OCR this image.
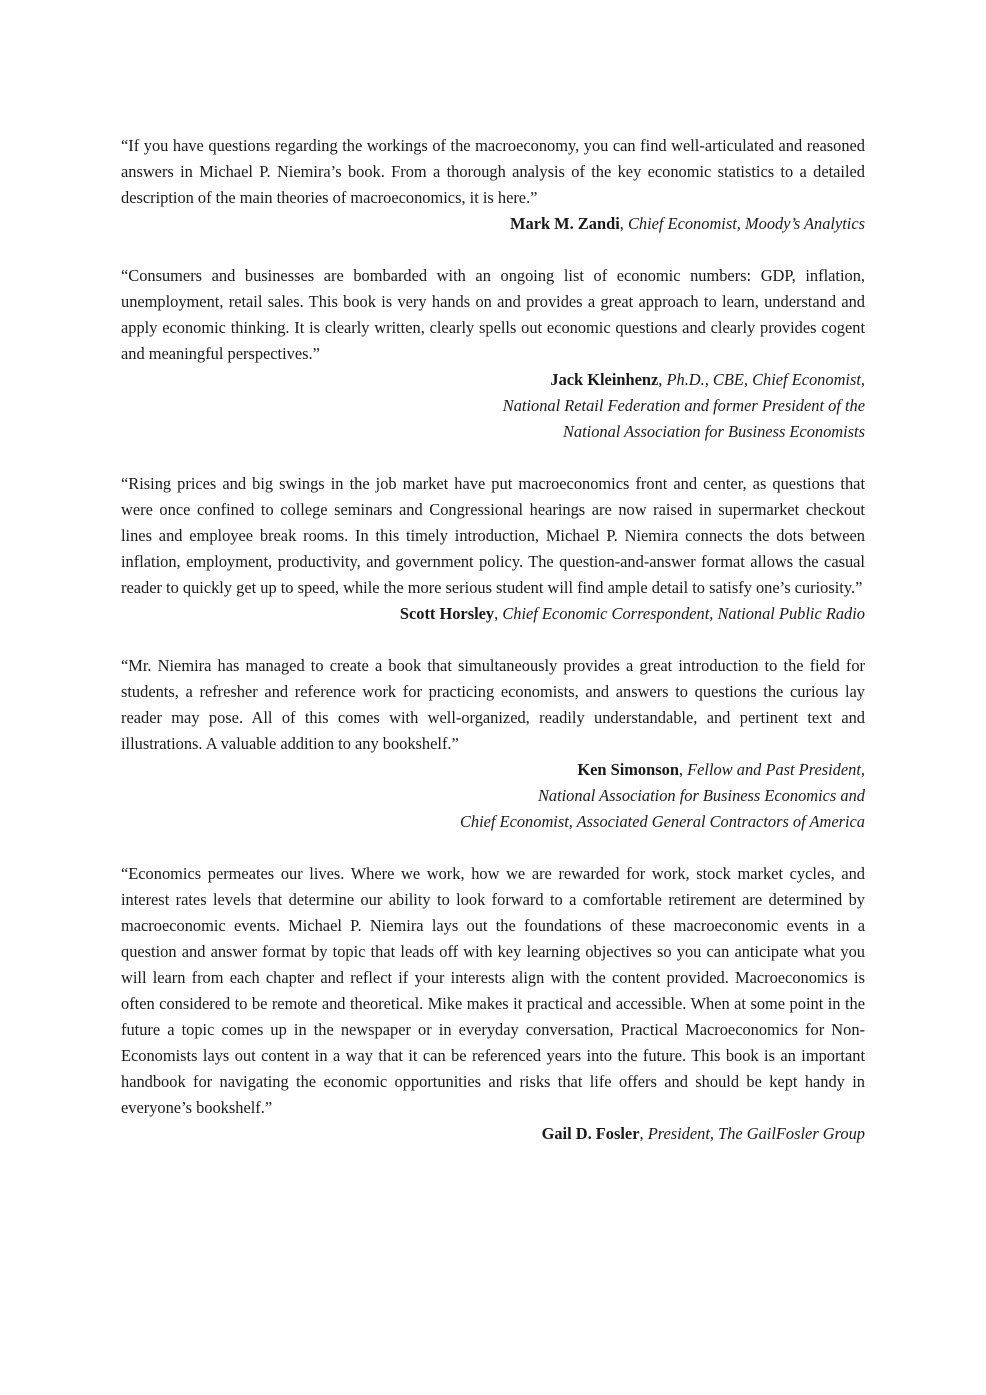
“If you have questions regarding the workings of the macroeconomy, you can find well-articulated and reasoned answers in Michael P. Niemira’s book. From a thorough analysis of the key economic statistics to a detailed description of the main theories of macroeconomics, it is here.”

Mark M. Zandi, Chief Economist, Moody’s Analytics

“Consumers and businesses are bombarded with an ongoing list of economic numbers: GDP, inflation, unemployment, retail sales. This book is very hands on and provides a great approach to learn, understand and apply economic thinking. It is clearly written, clearly spells out economic questions and clearly provides cogent and meaningful perspectives.”

Jack Kleinhenz, Ph.D., CBE, Chief Economist,
National Retail Federation and former President of the
National Association for Business Economists

“Rising prices and big swings in the job market have put macroeconomics front and center, as questions that were once confined to college seminars and Congressional hearings are now raised in supermarket checkout lines and employee break rooms. In this timely introduction, Michael P. Niemira connects the dots between inflation, employment, productivity, and government policy. The question-and-answer format allows the casual reader to quickly get up to speed, while the more serious student will find ample detail to satisfy one’s curiosity.”

Scott Horsley, Chief Economic Correspondent, National Public Radio

“Mr. Niemira has managed to create a book that simultaneously provides a great introduction to the field for students, a refresher and reference work for practicing economists, and answers to questions the curious lay reader may pose. All of this comes with well-organized, readily understandable, and pertinent text and illustrations. A valuable addition to any bookshelf.”

Ken Simonson, Fellow and Past President,
National Association for Business Economics and
Chief Economist, Associated General Contractors of America

“Economics permeates our lives. Where we work, how we are rewarded for work, stock market cycles, and interest rates levels that determine our ability to look forward to a comfortable retirement are determined by macroeconomic events. Michael P. Niemira lays out the foundations of these macroeconomic events in a question and answer format by topic that leads off with key learning objectives so you can anticipate what you will learn from each chapter and reflect if your interests align with the content provided. Macroeconomics is often considered to be remote and theoretical. Mike makes it practical and accessible. When at some point in the future a topic comes up in the newspaper or in everyday conversation, Practical Macroeconomics for Non-Economists lays out content in a way that it can be referenced years into the future. This book is an important handbook for navigating the economic opportunities and risks that life offers and should be kept handy in everyone’s bookshelf.”

Gail D. Fosler, President, The GailFosler Group
